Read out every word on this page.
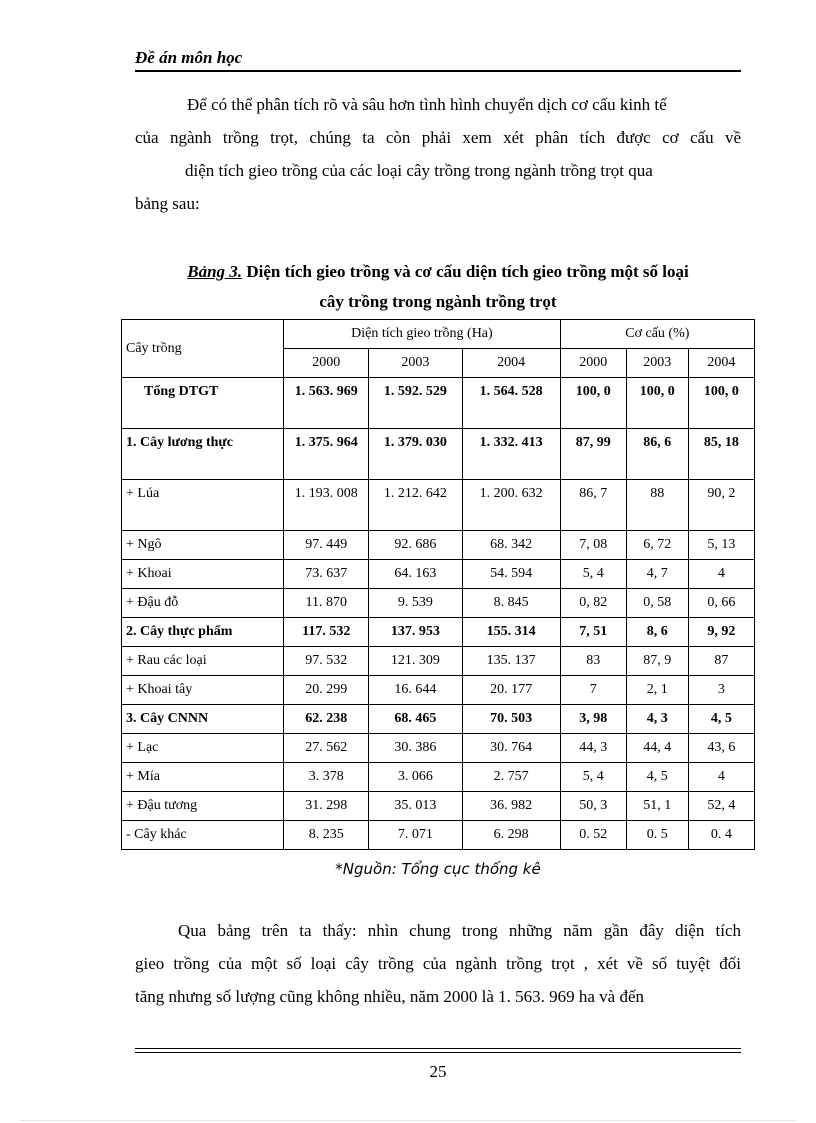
Đề án môn học
Để có thể phân tích rõ và sâu hơn tình hình chuyển dịch cơ cấu kinh tế
của ngành trồng trọt, chúng ta còn phải xem xét phân tích được cơ cấu về
diện tích gieo trồng của các loại cây trồng trong ngành trồng trọt qua
bảng sau:
Bảng 3. Diện tích gieo trồng và cơ cấu diện tích gieo trồng một số loại
cây trồng trong ngành trồng trọt
Cây trồng	Diện tích gieo trồng (Ha)			Cơ cấu (%)		
	2000	2003	2004	2000	2003	2004
Tổng DTGT	1. 563. 969	1. 592. 529	1. 564. 528	100, 0	100, 0	100, 0
1. Cây lương thực	1. 375. 964	1. 379. 030	1. 332. 413	87, 99	86, 6	85, 18
+ Lúa	1. 193. 008	1. 212. 642	1. 200. 632	86, 7	88	90, 2
+ Ngô	97. 449	92. 686	68. 342	7, 08	6, 72	5, 13
+ Khoai	73. 637	64. 163	54. 594	5, 4	4, 7	4
+ Đậu đỗ	11. 870	9. 539	8. 845	0, 82	0, 58	0, 66
2. Cây thực phẩm	117. 532	137. 953	155. 314	7, 51	8, 6	9, 92
+ Rau các loại	97. 532	121. 309	135. 137	83	87, 9	87
+ Khoai tây	20. 299	16. 644	20. 177	7	2, 1	3
3. Cây CNNN	62. 238	68. 465	70. 503	3, 98	4, 3	4, 5
+ Lạc	27. 562	30. 386	30. 764	44, 3	44, 4	43, 6
+ Mía	3. 378	3. 066	2. 757	5, 4	4, 5	4
+ Đậu tương	31. 298	35. 013	36. 982	50, 3	51, 1	52, 4
- Cây khác	8. 235	7. 071	6. 298	0. 52	0. 5	0. 4
*Nguồn: Tổng cục thống kê
Qua bảng trên ta thấy: nhìn chung trong những năm gần đây diện tích
gieo trồng của một số loại cây trồng của ngành trồng trọt , xét về số tuyệt đối
tăng nhưng số lượng cũng không nhiều, năm 2000 là 1. 563. 969 ha và đến
25
